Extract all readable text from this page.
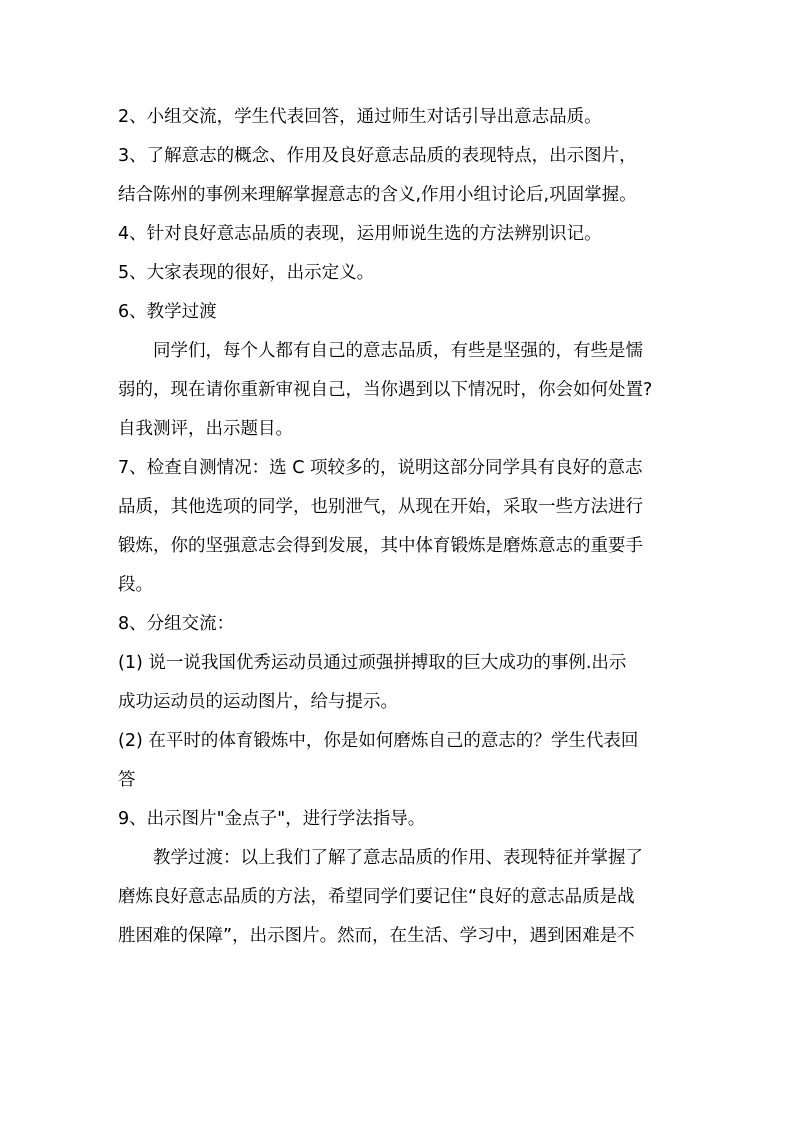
2、小组交流，学生代表回答，通过师生对话引导出意志品质。
3、了解意志的概念、作用及良好意志品质的表现特点，出示图片，
结合陈州的事例来理解掌握意志的含义,作用小组讨论后,巩固掌握。
4、针对良好意志品质的表现，运用师说生选的方法辨别识记。
5、大家表现的很好，出示定义。
6、教学过渡
同学们，每个人都有自己的意志品质，有些是坚强的，有些是懦
弱的，现在请你重新审视自己，当你遇到以下情况时，你会如何处置?
自我测评，出示题目。
7、检查自测情况：选 C 项较多的，说明这部分同学具有良好的意志
品质，其他选项的同学，也别泄气，从现在开始，采取一些方法进行
锻炼，你的坚强意志会得到发展，其中体育锻炼是磨炼意志的重要手
段。
8、分组交流：
(1) 说一说我国优秀运动员通过顽强拼搏取的巨大成功的事例.出示
成功运动员的运动图片，给与提示。
(2) 在平时的体育锻炼中，你是如何磨炼自己的意志的？学生代表回
答
9、出示图片"金点子"，进行学法指导。
教学过渡：以上我们了解了意志品质的作用、表现特征并掌握了
磨炼良好意志品质的方法，希望同学们要记住“良好的意志品质是战
胜困难的保障”，出示图片。然而，在生活、学习中，遇到困难是不
